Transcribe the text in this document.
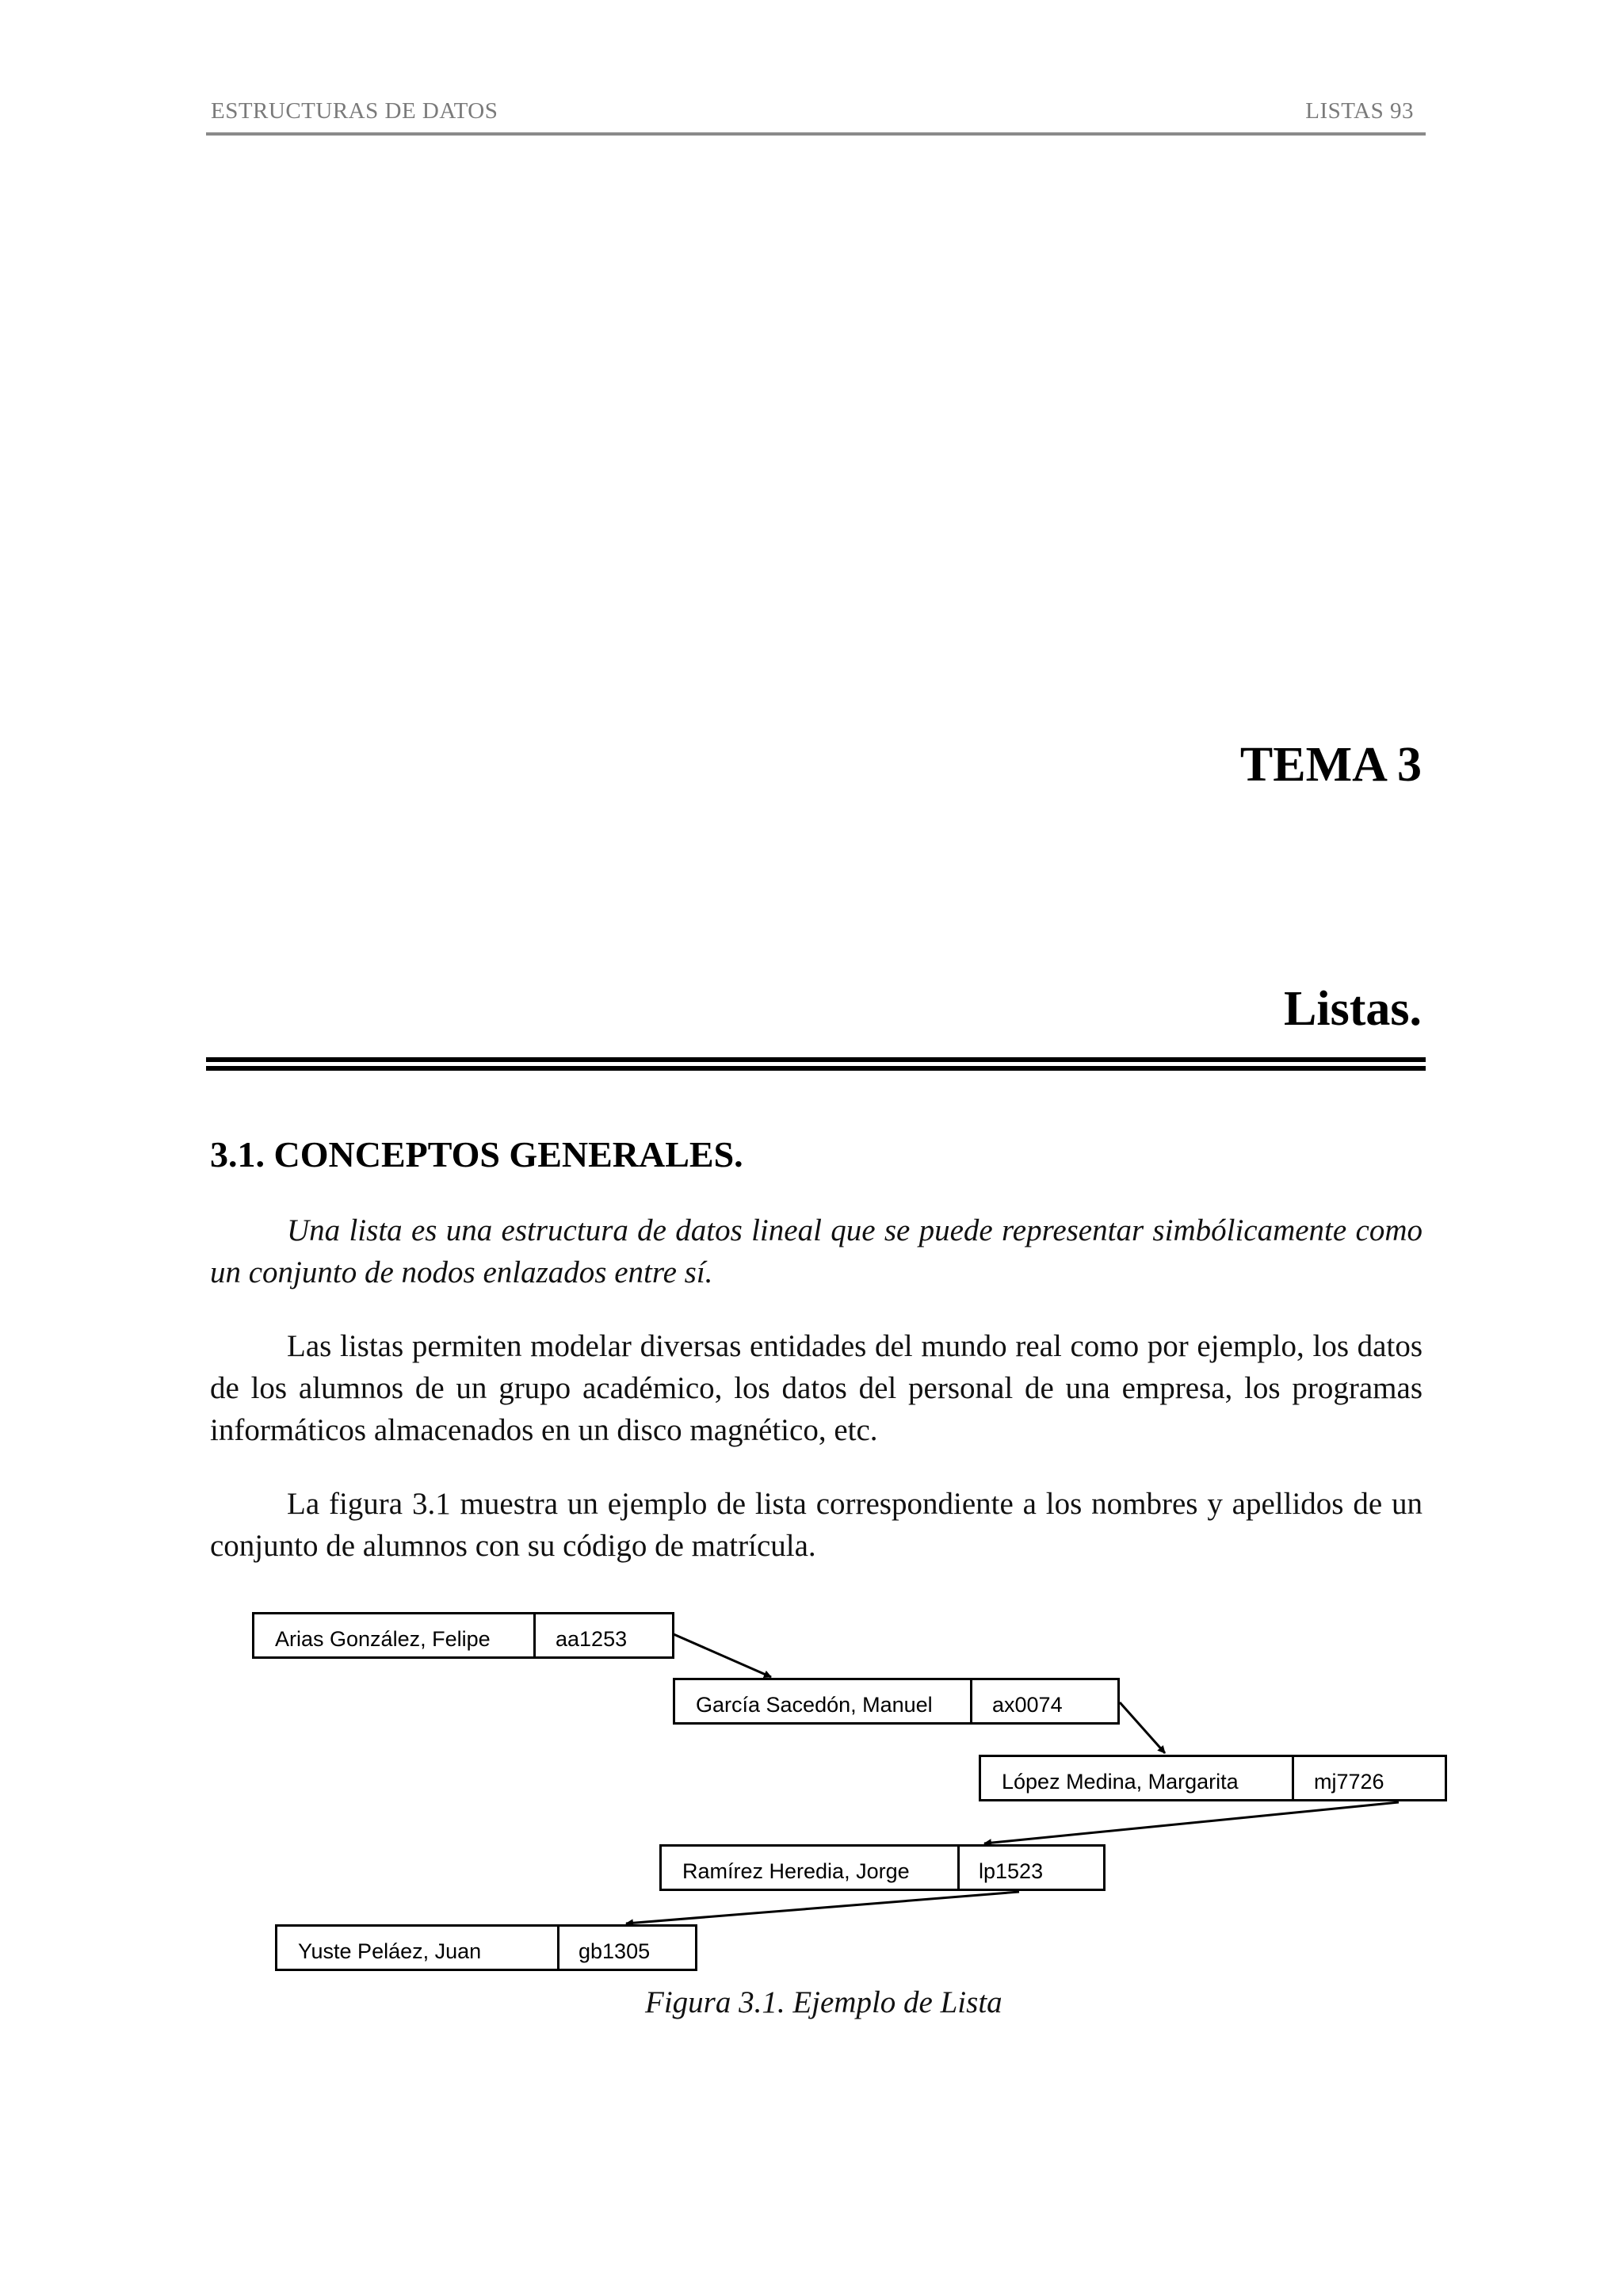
ESTRUCTURAS DE DATOS	LISTAS 93
TEMA 3
Listas.
3.1. CONCEPTOS GENERALES.
Una lista es una estructura de datos lineal que se puede representar simbólicamente como un conjunto de nodos enlazados entre sí.
Las listas permiten modelar diversas entidades del mundo real como por ejemplo, los datos de los alumnos de un grupo académico, los datos del personal de una empresa, los programas informáticos almacenados en un disco magnético, etc.
La figura 3.1 muestra un ejemplo de lista correspondiente a los nombres y apellidos de un conjunto de alumnos con su código de matrícula.
Arias González, Felipe	aa1253
García Sacedón, Manuel	ax0074
López Medina, Margarita	mj7726
Ramírez Heredia, Jorge	lp1523
Yuste Peláez, Juan	gb1305
Figura 3.1. Ejemplo de Lista
